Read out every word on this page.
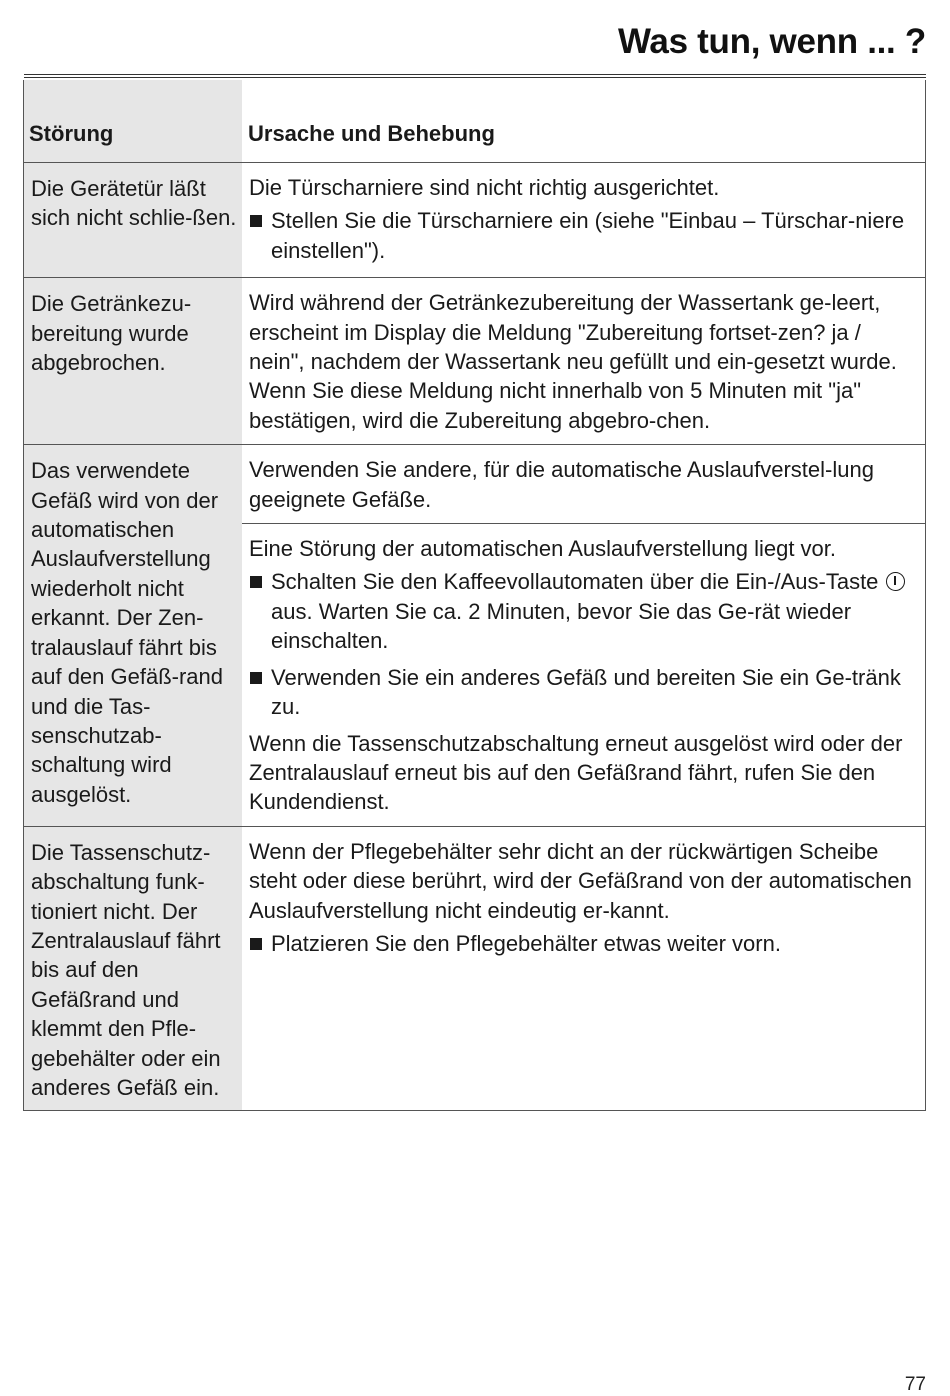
Was tun, wenn ... ?
Störung	Ursache und Behebung
Die Gerätetür läßt sich nicht schlie-ßen.
Die Türscharniere sind nicht richtig ausgerichtet.
Stellen Sie die Türscharniere ein (siehe "Einbau – Türschar-niere einstellen").
Die Getränkezu-bereitung wurde abgebrochen.
Wird während der Getränkezubereitung der Wassertank ge-leert, erscheint im Display die Meldung "Zubereitung fortset-zen? ja / nein", nachdem der Wassertank neu gefüllt und ein-gesetzt wurde. Wenn Sie diese Meldung nicht innerhalb von 5 Minuten mit "ja" bestätigen, wird die Zubereitung abgebro-chen.
Das verwendete Gefäß wird von der automatischen Auslaufverstellung wiederholt nicht erkannt. Der Zen-tralauslauf fährt bis auf den Gefäß-rand und die Tas-senschutzab-schaltung wird ausgelöst.
Verwenden Sie andere, für die automatische Auslaufverstel-lung geeignete Gefäße.
Eine Störung der automatischen Auslaufverstellung liegt vor.
Schalten Sie den Kaffeevollautomaten über die Ein-/Aus-Taste  aus. Warten Sie ca. 2 Minuten, bevor Sie das Ge-rät wieder einschalten.
Verwenden Sie ein anderes Gefäß und bereiten Sie ein Ge-tränk zu.
Wenn die Tassenschutzabschaltung erneut ausgelöst wird oder der Zentralauslauf erneut bis auf den Gefäßrand fährt, rufen Sie den Kundendienst.
Die Tassenschutz-abschaltung funk-tioniert nicht. Der Zentralauslauf fährt bis auf den Gefäßrand und klemmt den Pfle-gebehälter oder ein anderes Gefäß ein.
Wenn der Pflegebehälter sehr dicht an der rückwärtigen Scheibe steht oder diese berührt, wird der Gefäßrand von der automatischen Auslaufverstellung nicht eindeutig er-kannt.
Platzieren Sie den Pflegebehälter etwas weiter vorn.
77
